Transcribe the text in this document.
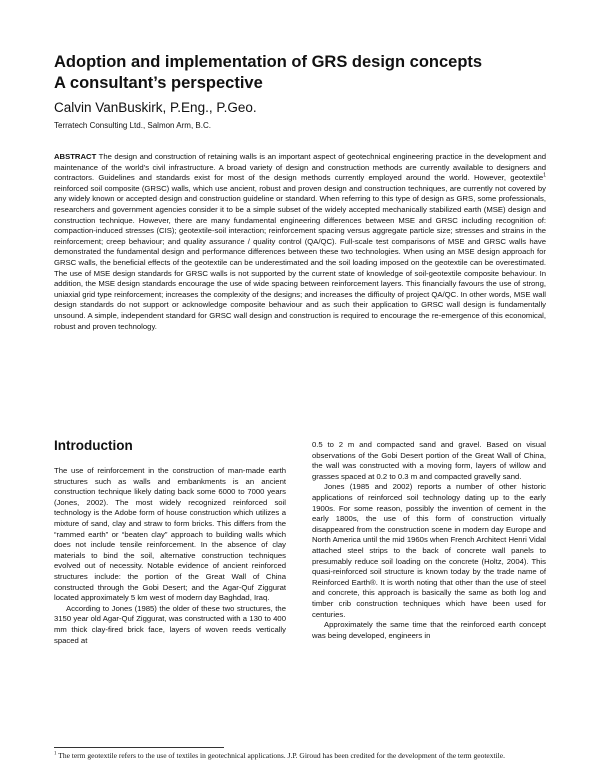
Adoption and implementation of GRS design concepts
A consultant’s perspective
Calvin VanBuskirk, P.Eng., P.Geo.
Terratech Consulting Ltd., Salmon Arm, B.C.

ABSTRACT The design and construction of retaining walls is an important aspect of geotechnical engineering practice in the development and maintenance of the world’s civil infrastructure. A broad variety of design and construction methods are currently available to designers and contractors. Guidelines and standards exist for most of the design methods currently employed around the world. However, geotextile$^1$ reinforced soil composite (GRSC) walls, which use ancient, robust and proven design and construction techniques, are currently not covered by any widely known or accepted design and construction guideline or standard. When referring to this type of design as GRS, some professionals, researchers and government agencies consider it to be a simple subset of the widely accepted mechanically stabilized earth (MSE) design and construction technique. However, there are many fundamental engineering differences between MSE and GRSC including recognition of: compaction-induced stresses (CIS); geotextile-soil interaction; reinforcement spacing versus aggregate particle size; stresses and strains in the reinforcement; creep behaviour; and quality assurance / quality control (QA/QC). Full-scale test comparisons of MSE and GRSC walls have demonstrated the fundamental design and performance differences between these two technologies. When using an MSE design approach for GRSC walls, the beneficial effects of the geotextile can be underestimated and the soil loading imposed on the geotextile can be overestimated. The use of MSE design standards for GRSC walls is not supported by the current state of knowledge of soil-geotextile composite behaviour. In addition, the MSE design standards encourage the use of wide spacing between reinforcement layers. This financially favours the use of strong, uniaxial grid type reinforcement; increases the complexity of the designs; and increases the difficulty of project QA/QC. In other words, MSE wall design standards do not support or acknowledge composite behaviour and as such their application to GRSC wall design is fundamentally unsound. A simple, independent standard for GRSC wall design and construction is required to encourage the re-emergence of this economical, robust and proven technology.

Introduction

The use of reinforcement in the construction of man-made earth structures such as walls and embankments is an ancient construction technique likely dating back some 6000 to 7000 years (Jones, 2002). The most widely recognized reinforced soil technology is the Adobe form of house construction which utilizes a mixture of sand, clay and straw to form bricks. This differs from the “rammed earth” or “beaten clay” approach to building walls which does not include tensile reinforcement. In the absence of clay materials to bind the soil, alternative construction techniques evolved out of necessity. Notable evidence of ancient reinforced structures include: the portion of the Great Wall of China constructed through the Gobi Desert; and the Agar-Quf Ziggurat located approximately 5 km west of modern day Baghdad, Iraq.

According to Jones (1985) the older of these two structures, the 3150 year old Agar-Quf Ziggurat, was constructed with a 130 to 400 mm thick clay-fired brick face, layers of woven reeds vertically spaced at

0.5 to 2 m and compacted sand and gravel. Based on visual observations of the Gobi Desert portion of the Great Wall of China, the wall was constructed with a moving form, layers of willow and grasses spaced at 0.2 to 0.3 m and compacted gravelly sand.

Jones (1985 and 2002) reports a number of other historic applications of reinforced soil technology dating up to the early 1900s. For some reason, possibly the invention of cement in the early 1800s, the use of this form of construction virtually disappeared from the construction scene in modern day Europe and North America until the mid 1960s when French Architect Henri Vidal attached steel strips to the back of concrete wall panels to presumably reduce soil loading on the concrete (Holtz, 2004). This quasi-reinforced soil structure is known today by the trade name of Reinforced Earth®. It is worth noting that other than the use of steel and concrete, this approach is basically the same as both log and timber crib construction techniques which have been used for centuries.

Approximately the same time that the reinforced earth concept was being developed, engineers in

$^1$ The term geotextile refers to the use of textiles in geotechnical applications. J.P. Giroud has been credited for the development of the term geotextile.
